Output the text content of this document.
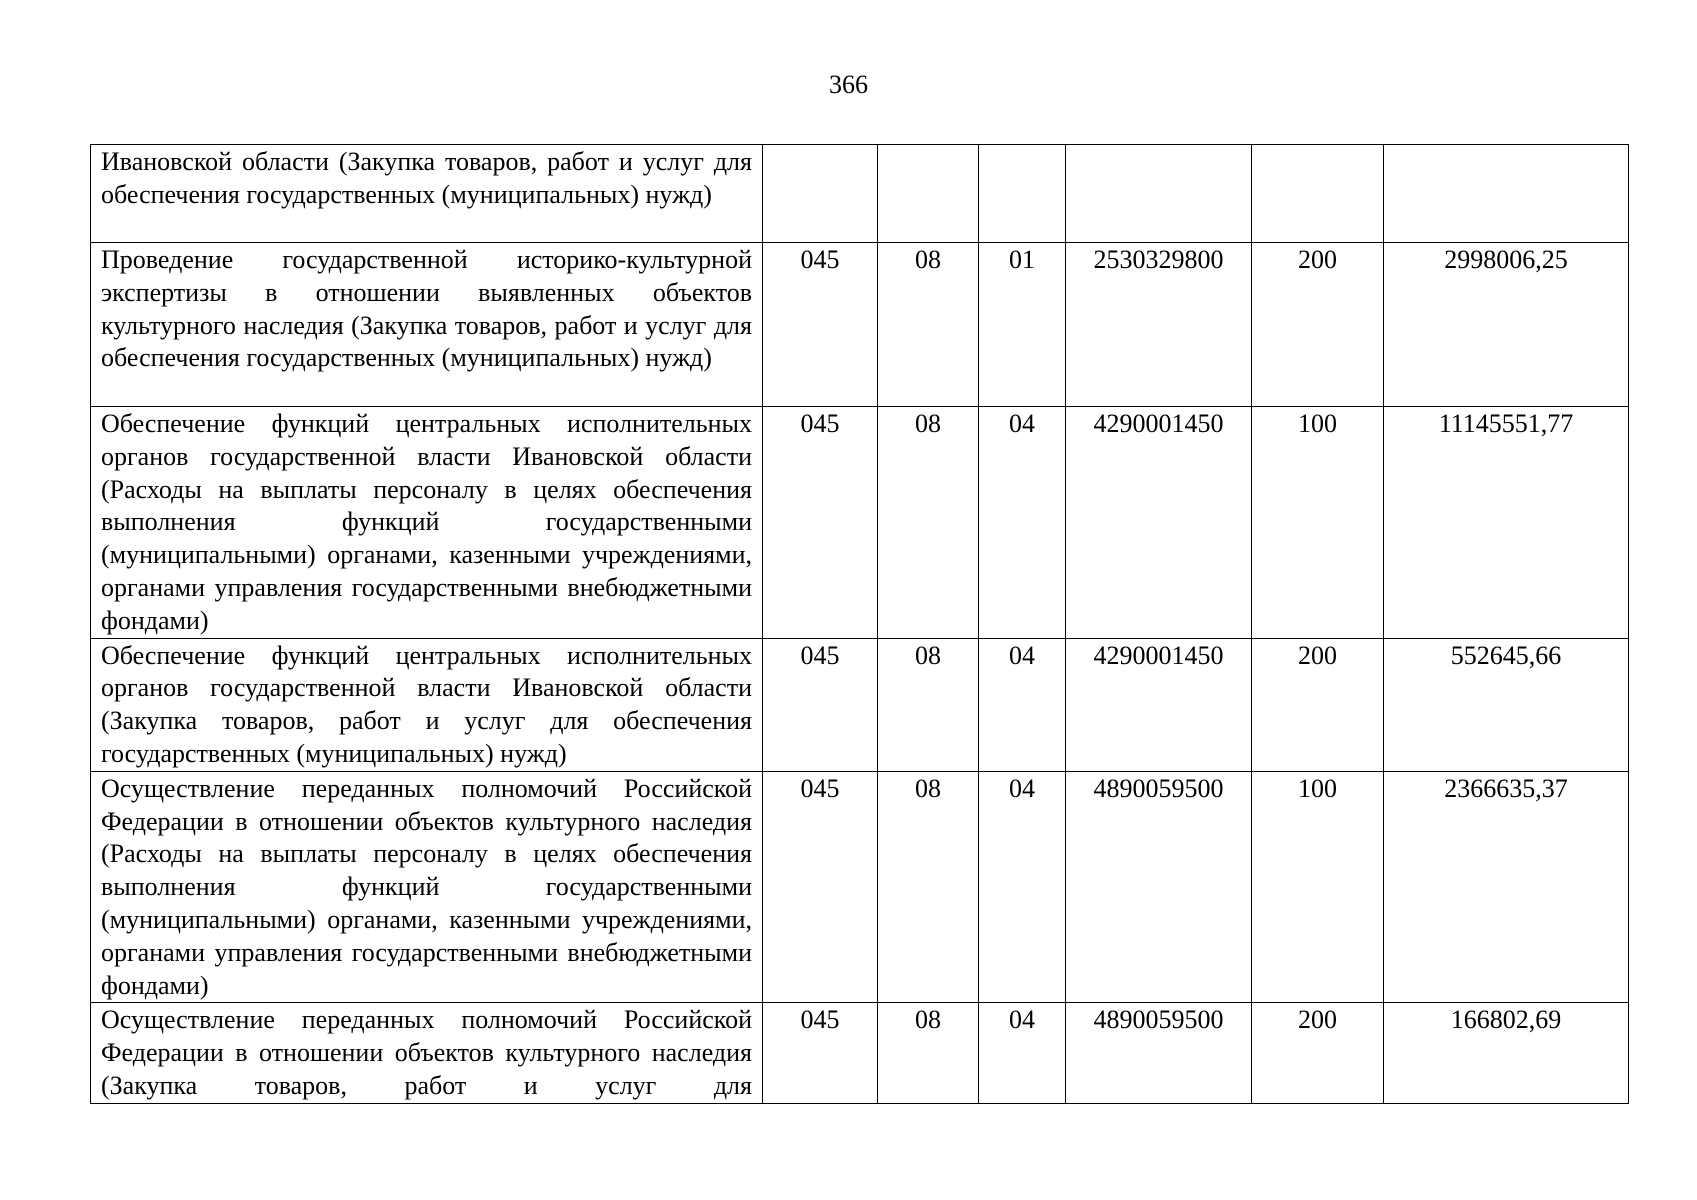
366
Ивановской области (Закупка товаров, работ и услуг для обеспечения государственных (муниципальных) нужд)						

Проведение государственной историко-культурной экспертизы в отношении выявленных объектов культурного наследия (Закупка товаров, работ и услуг для обеспечения государственных (муниципальных) нужд)	045	08	01	2530329800	200	2998006,25

Обеспечение функций центральных исполнительных органов государственной власти Ивановской области (Расходы на выплаты персоналу в целях обеспечения выполнения функций государственными (муниципальными) органами, казенными учреждениями, органами управления государственными внебюджетными фондами)	045	08	04	4290001450	100	11145551,77

Обеспечение функций центральных исполнительных органов государственной власти Ивановской области (Закупка товаров, работ и услуг для обеспечения государственных (муниципальных) нужд)	045	08	04	4290001450	200	552645,66

Осуществление переданных полномочий Российской Федерации в отношении объектов культурного наследия (Расходы на выплаты персоналу в целях обеспечения выполнения функций государственными (муниципальными) органами, казенными учреждениями, органами управления государственными внебюджетными фондами)	045	08	04	4890059500	100	2366635,37

Осуществление переданных полномочий Российской Федерации в отношении объектов культурного наследия (Закупка товаров, работ и услуг для	045	08	04	4890059500	200	166802,69
